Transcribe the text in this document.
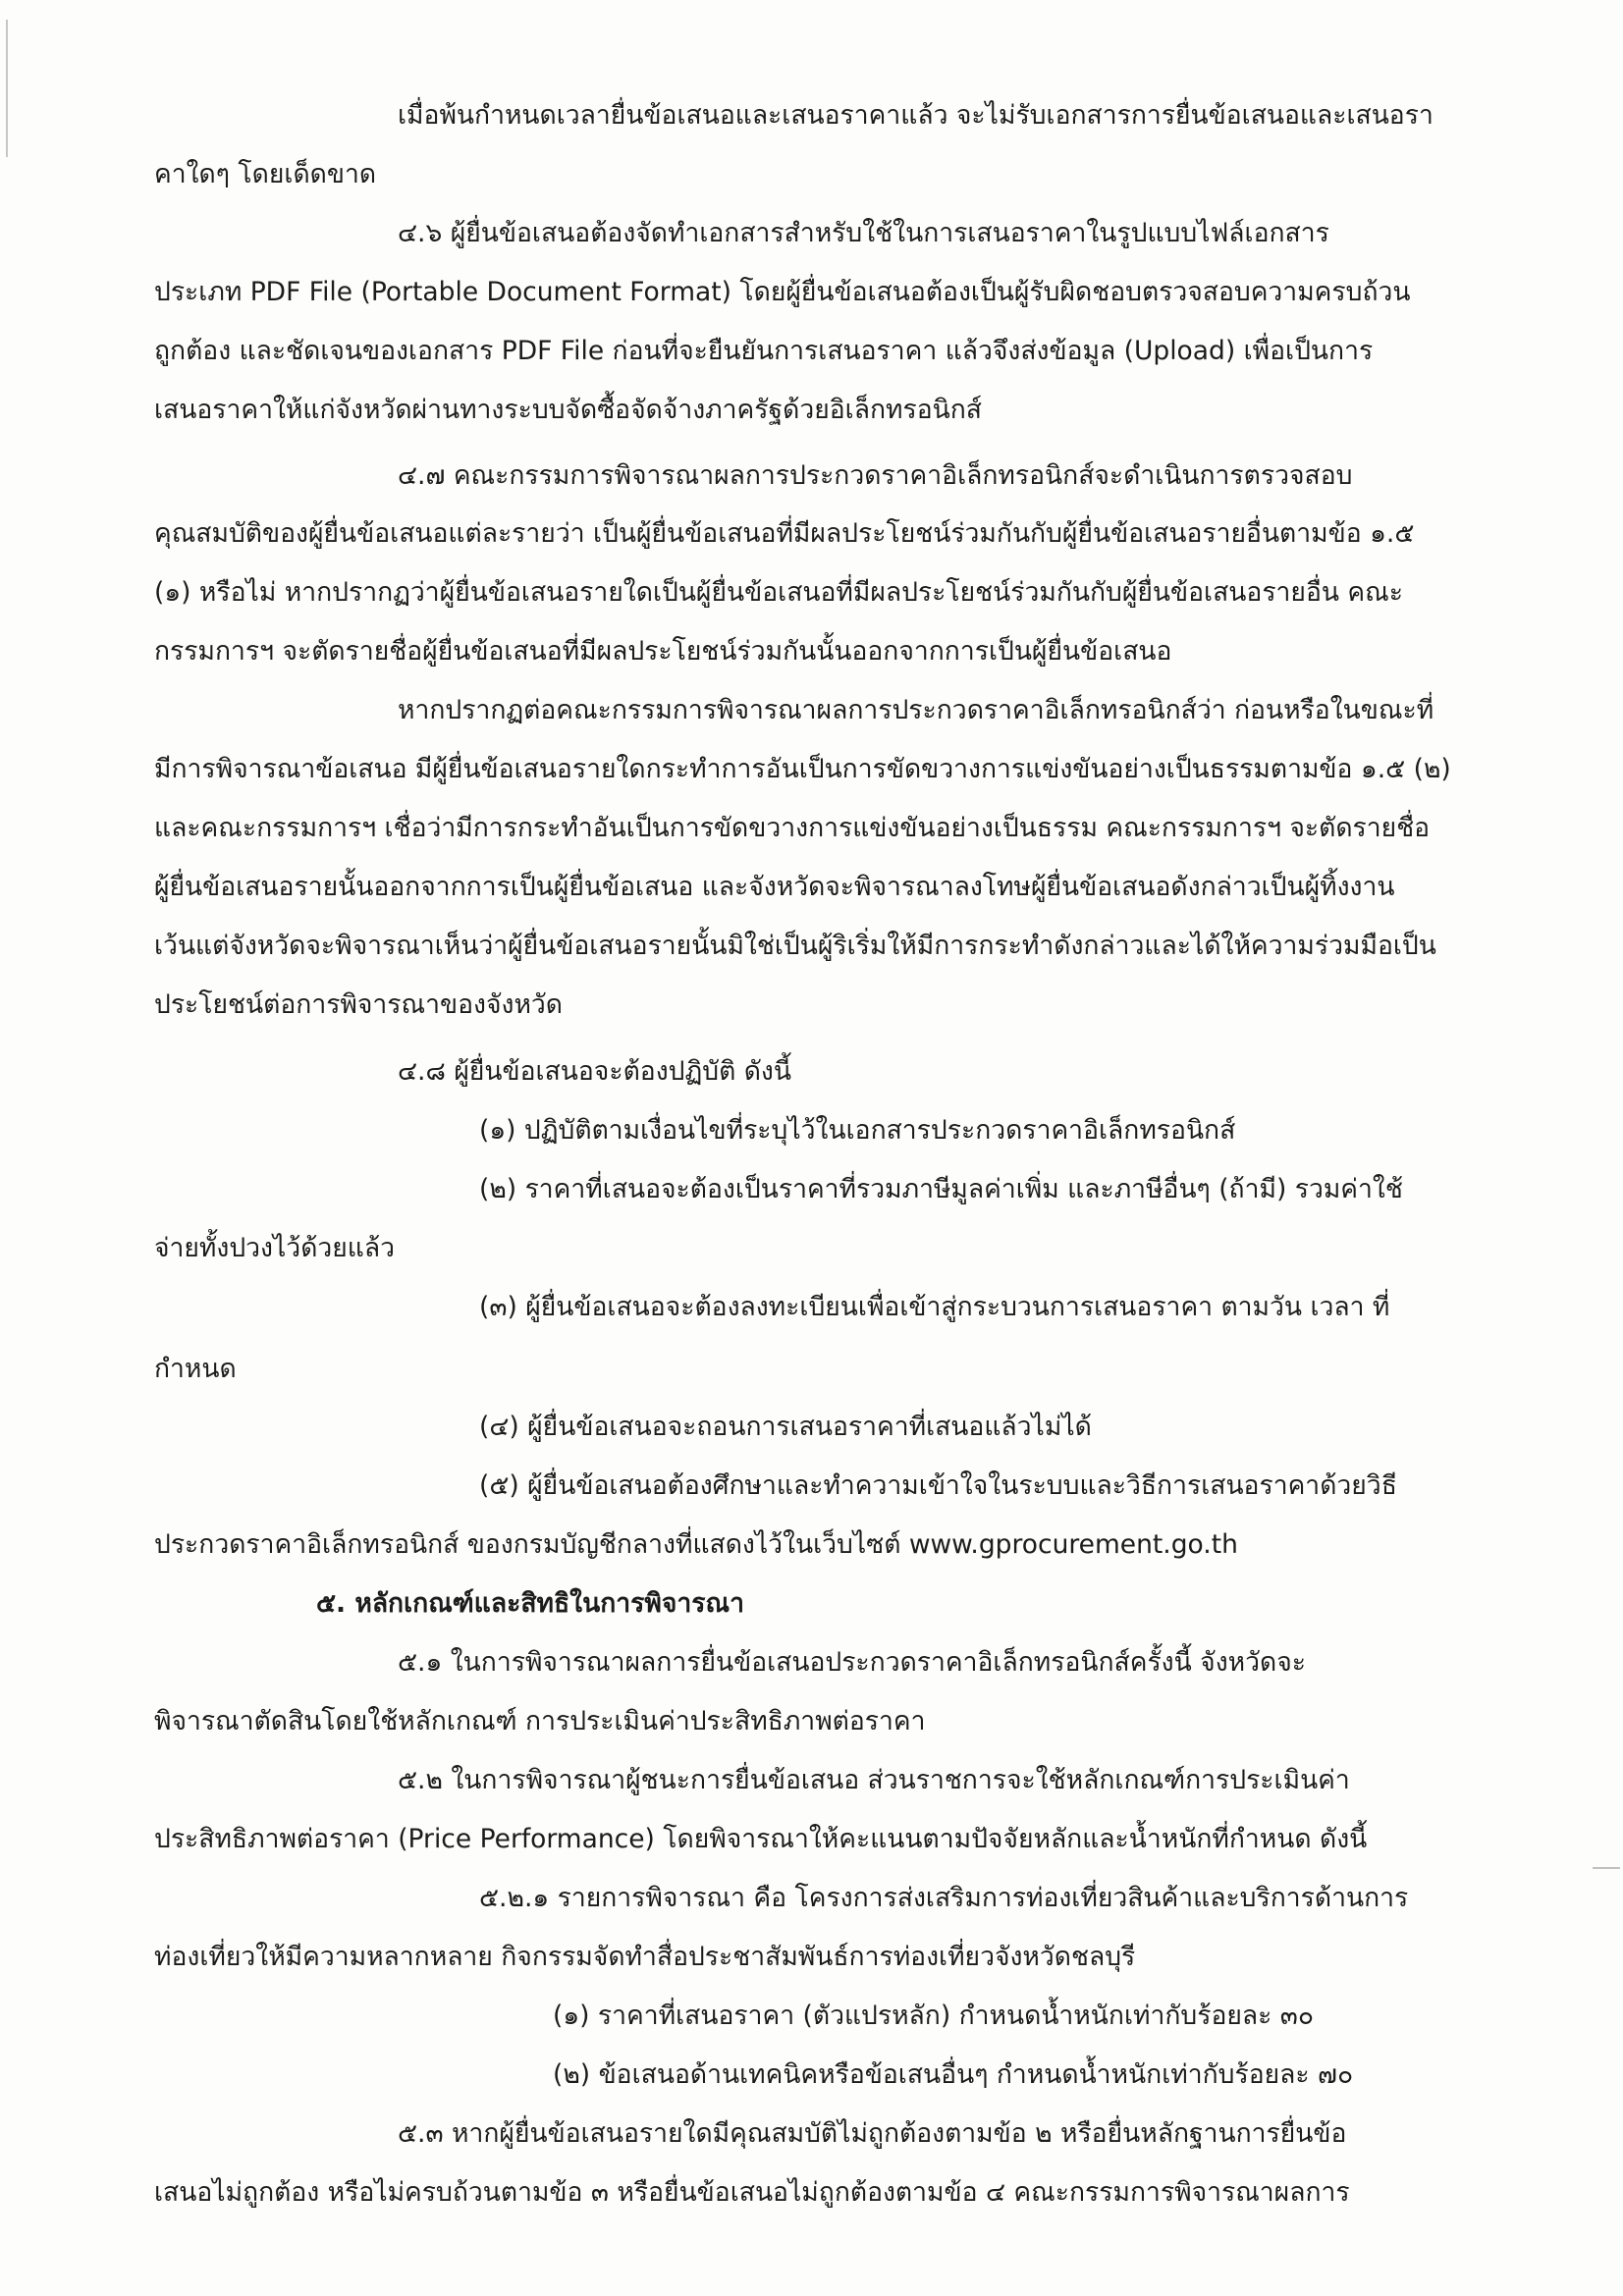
เมื่อพ้นกำหนดเวลายื่นข้อเสนอและเสนอราคาแล้ว จะไม่รับเอกสารการยื่นข้อเสนอและเสนอรา
คาใดๆ โดยเด็ดขาด
๔.๖ ผู้ยื่นข้อเสนอต้องจัดทำเอกสารสำหรับใช้ในการเสนอราคาในรูปแบบไฟล์เอกสาร
ประเภท PDF File (Portable Document Format) โดยผู้ยื่นข้อเสนอต้องเป็นผู้รับผิดชอบตรวจสอบความครบถ้วน
ถูกต้อง และชัดเจนของเอกสาร PDF File ก่อนที่จะยืนยันการเสนอราคา แล้วจึงส่งข้อมูล (Upload) เพื่อเป็นการ
เสนอราคาให้แก่จังหวัดผ่านทางระบบจัดซื้อจัดจ้างภาครัฐด้วยอิเล็กทรอนิกส์
๔.๗ คณะกรรมการพิจารณาผลการประกวดราคาอิเล็กทรอนิกส์จะดำเนินการตรวจสอบ
คุณสมบัติของผู้ยื่นข้อเสนอแต่ละรายว่า เป็นผู้ยื่นข้อเสนอที่มีผลประโยชน์ร่วมกันกับผู้ยื่นข้อเสนอรายอื่นตามข้อ ๑.๕
(๑) หรือไม่ หากปรากฏว่าผู้ยื่นข้อเสนอรายใดเป็นผู้ยื่นข้อเสนอที่มีผลประโยชน์ร่วมกันกับผู้ยื่นข้อเสนอรายอื่น คณะ
กรรมการฯ จะตัดรายชื่อผู้ยื่นข้อเสนอที่มีผลประโยชน์ร่วมกันนั้นออกจากการเป็นผู้ยื่นข้อเสนอ
หากปรากฏต่อคณะกรรมการพิจารณาผลการประกวดราคาอิเล็กทรอนิกส์ว่า ก่อนหรือในขณะที่
มีการพิจารณาข้อเสนอ มีผู้ยื่นข้อเสนอรายใดกระทำการอันเป็นการขัดขวางการแข่งขันอย่างเป็นธรรมตามข้อ ๑.๕ (๒)
และคณะกรรมการฯ เชื่อว่ามีการกระทำอันเป็นการขัดขวางการแข่งขันอย่างเป็นธรรม คณะกรรมการฯ จะตัดรายชื่อ
ผู้ยื่นข้อเสนอรายนั้นออกจากการเป็นผู้ยื่นข้อเสนอ และจังหวัดจะพิจารณาลงโทษผู้ยื่นข้อเสนอดังกล่าวเป็นผู้ทิ้งงาน
เว้นแต่จังหวัดจะพิจารณาเห็นว่าผู้ยื่นข้อเสนอรายนั้นมิใช่เป็นผู้ริเริ่มให้มีการกระทำดังกล่าวและได้ให้ความร่วมมือเป็น
ประโยชน์ต่อการพิจารณาของจังหวัด
๔.๘ ผู้ยื่นข้อเสนอจะต้องปฏิบัติ ดังนี้
(๑) ปฏิบัติตามเงื่อนไขที่ระบุไว้ในเอกสารประกวดราคาอิเล็กทรอนิกส์
(๒) ราคาที่เสนอจะต้องเป็นราคาที่รวมภาษีมูลค่าเพิ่ม และภาษีอื่นๆ (ถ้ามี) รวมค่าใช้
จ่ายทั้งปวงไว้ด้วยแล้ว
(๓) ผู้ยื่นข้อเสนอจะต้องลงทะเบียนเพื่อเข้าสู่กระบวนการเสนอราคา ตามวัน เวลา ที่
กำหนด
(๔) ผู้ยื่นข้อเสนอจะถอนการเสนอราคาที่เสนอแล้วไม่ได้
(๕) ผู้ยื่นข้อเสนอต้องศึกษาและทำความเข้าใจในระบบและวิธีการเสนอราคาด้วยวิธี
ประกวดราคาอิเล็กทรอนิกส์ ของกรมบัญชีกลางที่แสดงไว้ในเว็บไซต์ www.gprocurement.go.th
๕. หลักเกณฑ์และสิทธิในการพิจารณา
๕.๑ ในการพิจารณาผลการยื่นข้อเสนอประกวดราคาอิเล็กทรอนิกส์ครั้งนี้ จังหวัดจะ
พิจารณาตัดสินโดยใช้หลักเกณฑ์ การประเมินค่าประสิทธิภาพต่อราคา
๕.๒ ในการพิจารณาผู้ชนะการยื่นข้อเสนอ ส่วนราชการจะใช้หลักเกณฑ์การประเมินค่า
ประสิทธิภาพต่อราคา (Price Performance) โดยพิจารณาให้คะแนนตามปัจจัยหลักและน้ำหนักที่กำหนด ดังนี้
๕.๒.๑ รายการพิจารณา คือ โครงการส่งเสริมการท่องเที่ยวสินค้าและบริการด้านการ
ท่องเที่ยวให้มีความหลากหลาย กิจกรรมจัดทำสื่อประชาสัมพันธ์การท่องเที่ยวจังหวัดชลบุรี
(๑) ราคาที่เสนอราคา (ตัวแปรหลัก) กำหนดน้ำหนักเท่ากับร้อยละ ๓๐
(๒) ข้อเสนอด้านเทคนิคหรือข้อเสนอื่นๆ กำหนดน้ำหนักเท่ากับร้อยละ ๗๐
๕.๓ หากผู้ยื่นข้อเสนอรายใดมีคุณสมบัติไม่ถูกต้องตามข้อ ๒ หรือยื่นหลักฐานการยื่นข้อ
เสนอไม่ถูกต้อง หรือไม่ครบถ้วนตามข้อ ๓ หรือยื่นข้อเสนอไม่ถูกต้องตามข้อ ๔ คณะกรรมการพิจารณาผลการ
